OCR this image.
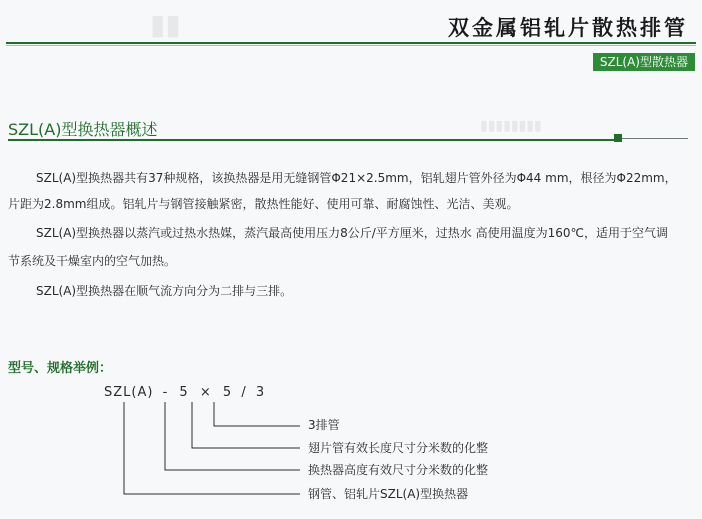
▮▮
▮▮▮▮▮▮▮▮
双金属铝轧片散热排管
SZL(A)型散热器
SZL(A)型换热器概述

SZL(A)型换热器共有37种规格，该换热器是用无缝钢管Φ21×2.5mm，铝轧翅片管外径为Φ44 mm，根径为Φ22mm，

片距为2.8mm组成。铝轧片与钢管接触紧密，散热性能好、使用可靠、耐腐蚀性、光洁、美观。

SZL(A)型换热器以蒸汽或过热水热媒，蒸汽最高使用压力8公斤/平方厘米，过热水 高使用温度为160℃，适用于空气调

节系统及干燥室内的空气加热。

SZL(A)型换热器在顺气流方向分为二排与三排。

型号、规格举例：
SZL(A) - 5 × 5 / 3
3排管
翅片管有效长度尺寸分米数的化整
换热器高度有效尺寸分米数的化整
钢管、铝轧片SZL(A)型换热器
